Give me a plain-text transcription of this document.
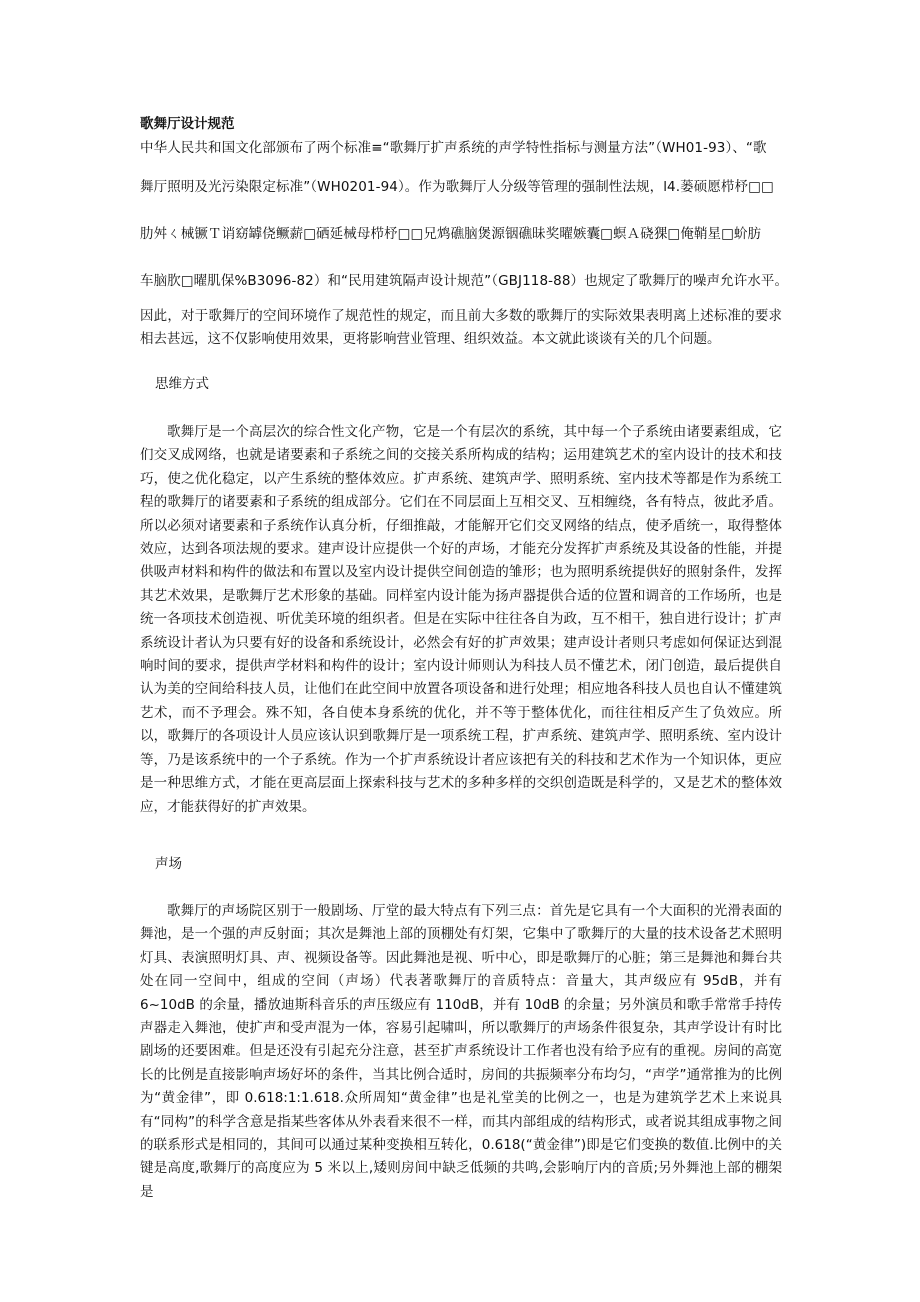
歌舞厅设计规范
中华人民共和国文化部颁布了两个标准≡“歌舞厅扩声系统的声学特性指标与测量方法”（WH01-93）、“歌
舞厅照明及光污染限定标准”（WH0201-94）。作为歌舞厅人分级等管理的强制性法规，l4.蒌硕愿栉杼□□
肋舛ㄑ械镢Ｔ诮窈罅侥鳜薪□硒延械母栉杼□□兄鸩礁脑煲源铟礁昧奖曜嫉囊□螟Ａ硗猓□俺鞘星□蚧肪
车脑肷□曜肌保%B3096-82）和“民用建筑隔声设计规范”（GBJ118-88）也规定了歌舞厅的噪声允许水平。
因此，对于歌舞厅的空间环境作了规范性的规定，而且前大多数的歌舞厅的实际效果表明离上述标准的要求相去甚远，这不仅影响使用效果，更将影响营业管理、组织效益。本文就此谈谈有关的几个问题。
思维方式
歌舞厅是一个高层次的综合性文化产物，它是一个有层次的系统，其中每一个子系统由诸要素组成，它们交叉成网络，也就是诸要素和子系统之间的交接关系所构成的结构；运用建筑艺术的室内设计的技术和技巧，使之优化稳定，以产生系统的整体效应。扩声系统、建筑声学、照明系统、室内技术等都是作为系统工程的歌舞厅的诸要素和子系统的组成部分。它们在不同层面上互相交叉、互相缠绕，各有特点，彼此矛盾。所以必须对诸要素和子系统作认真分析，仔细推敲，才能解开它们交叉网络的结点，使矛盾统一，取得整体效应，达到各项法规的要求。建声设计应提供一个好的声场，才能充分发挥扩声系统及其设备的性能，并提供吸声材料和构件的做法和布置以及室内设计提供空间创造的雏形；也为照明系统提供好的照射条件，发挥其艺术效果，是歌舞厅艺术形象的基础。同样室内设计能为扬声器提供合适的位置和调音的工作场所，也是统一各项技术创造视、听优美环境的组织者。但是在实际中往往各自为政，互不相干，独自进行设计；扩声系统设计者认为只要有好的设备和系统设计，必然会有好的扩声效果；建声设计者则只考虑如何保证达到混响时间的要求，提供声学材料和构件的设计；室内设计师则认为科技人员不懂艺术，闭门创造，最后提供自认为美的空间给科技人员，让他们在此空间中放置各项设备和进行处理；相应地各科技人员也自认不懂建筑艺术，而不予理会。殊不知，各自使本身系统的优化，并不等于整体优化，而往往相反产生了负效应。所以，歌舞厅的各项设计人员应该认识到歌舞厅是一项系统工程，扩声系统、建筑声学、照明系统、室内设计等，乃是该系统中的一个子系统。作为一个扩声系统设计者应该把有关的科技和艺术作为一个知识体，更应是一种思维方式，才能在更高层面上探索科技与艺术的多种多样的交织创造既是科学的，又是艺术的整体效应，才能获得好的扩声效果。
声场
歌舞厅的声场院区别于一般剧场、厅堂的最大特点有下列三点：首先是它具有一个大面积的光滑表面的舞池，是一个强的声反射面；其次是舞池上部的顶棚处有灯架，它集中了歌舞厅的大量的技术设备艺术照明灯具、表演照明灯具、声、视频设备等。因此舞池是视、听中心，即是歌舞厅的心脏；第三是舞池和舞台共处在同一空间中，组成的空间（声场）代表著歌舞厅的音质特点：音量大，其声级应有 95dB，并有 6~10dB 的余量，播放迪斯科音乐的声压级应有 110dB，并有 10dB 的余量；另外演员和歌手常常手持传声器走入舞池，使扩声和受声混为一体，容易引起啸叫，所以歌舞厅的声场条件很复杂，其声学设计有时比剧场的还要困难。但是还没有引起充分注意，甚至扩声系统设计工作者也没有给予应有的重视。房间的高宽长的比例是直接影响声场好坏的条件，当其比例合适时，房间的共振频率分布均匀，“声学”通常推为的比例为“黄金律”，即 0.618:1:1.618.众所周知“黄金律”也是礼堂美的比例之一，也是为建筑学艺术上来说具有“同构”的科学含意是指某些客体从外表看来很不一样，而其内部组成的结构形式，或者说其组成事物之间的联系形式是相同的，其间可以通过某种变换相互转化，0.618(“黄金律”)即是它们变换的数值.比例中的关键是高度,歌舞厅的高度应为 5 米以上,矮则房间中缺乏低频的共鸣,会影响厅内的音质;另外舞池上部的棚架是
